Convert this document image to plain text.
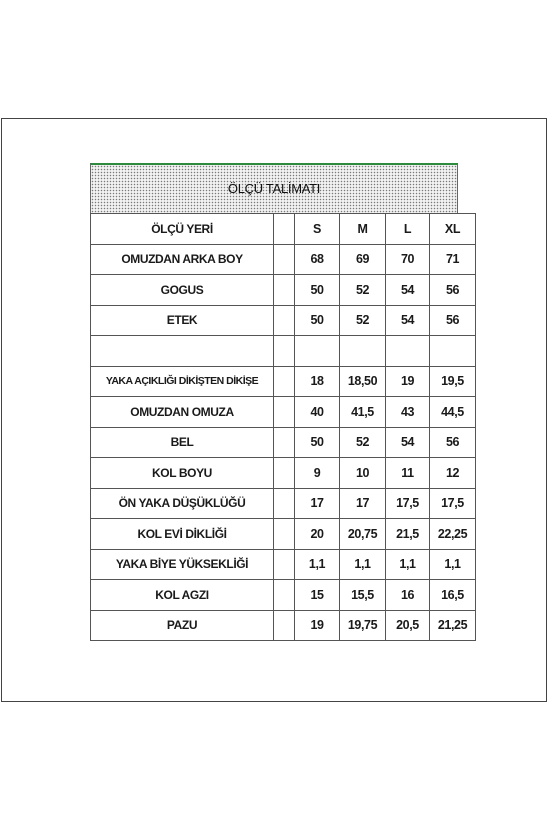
ÖLÇÜ TALİMATI
ÖLÇÜ YERİ		S	M	L	XL
OMUZDAN ARKA BOY		68	69	70	71
GOGUS		50	52	54	56
ETEK		50	52	54	56

YAKA AÇIKLIĞI DİKİŞTEN DİKİŞE		18	18,50	19	19,5
OMUZDAN OMUZA		40	41,5	43	44,5
BEL		50	52	54	56
KOL BOYU		9	10	11	12
ÖN YAKA DÜŞÜKLÜĞÜ		17	17	17,5	17,5
KOL EVİ DİKLİĞİ		20	20,75	21,5	22,25
YAKA BİYE YÜKSEKLİĞİ		1,1	1,1	1,1	1,1
KOL AGZI		15	15,5	16	16,5
PAZU		19	19,75	20,5	21,25
